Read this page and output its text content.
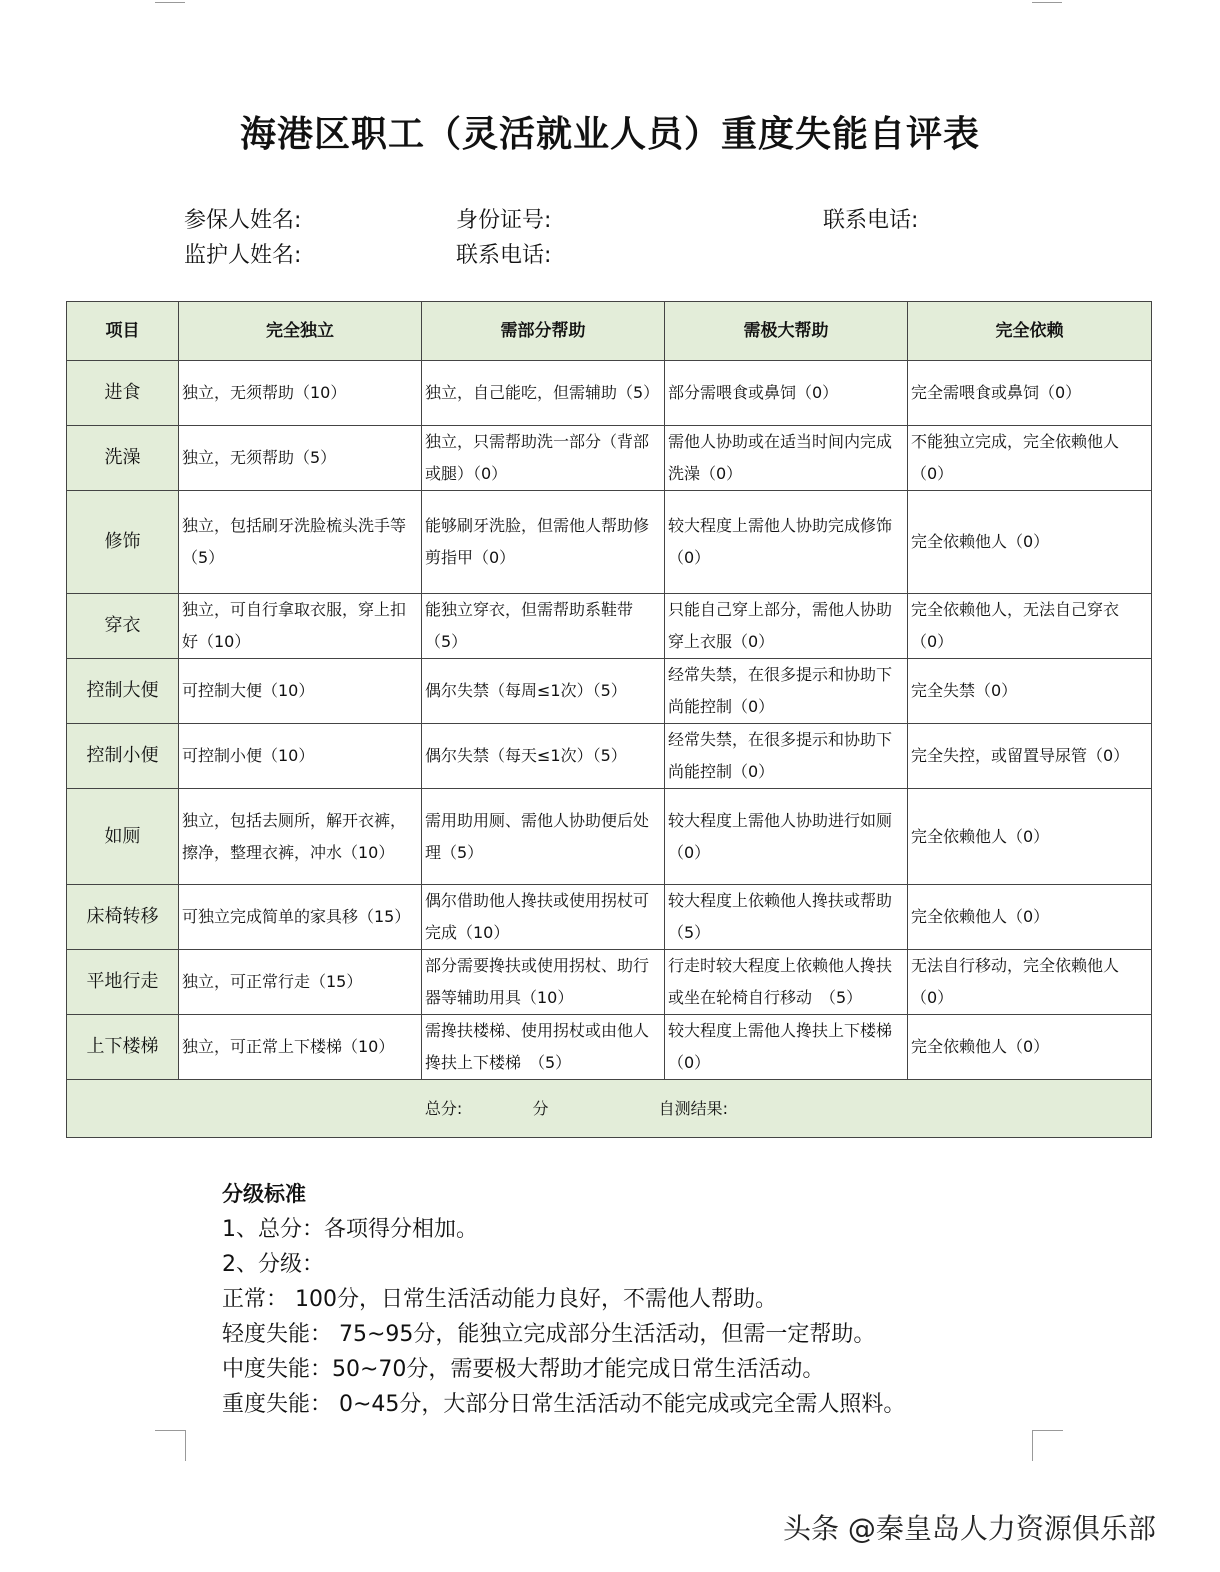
海港区职工（灵活就业人员）重度失能自评表
参保人姓名:	身份证号:	联系电话:
监护人姓名:	联系电话:
项目	完全独立	需部分帮助	需极大帮助	完全依赖
进食	独立，无须帮助（10）	独立，自己能吃，但需辅助（5）	部分需喂食或鼻饲（0）	完全需喂食或鼻饲（0）
洗澡	独立，无须帮助（5）	独立，只需帮助洗一部分（背部或腿）（0）	需他人协助或在适当时间内完成洗澡（0）	不能独立完成，完全依赖他人（0）
修饰	独立，包括刷牙洗脸梳头洗手等（5）	能够刷牙洗脸，但需他人帮助修剪指甲（0）	较大程度上需他人协助完成修饰（0）	完全依赖他人（0）
穿衣	独立，可自行拿取衣服，穿上扣好（10）	能独立穿衣，但需帮助系鞋带（5）	只能自己穿上部分，需他人协助穿上衣服（0）	完全依赖他人，无法自己穿衣（0）
控制大便	可控制大便（10）	偶尔失禁（每周≤1次）（5）	经常失禁，在很多提示和协助下尚能控制（0）	完全失禁（0）
控制小便	可控制小便（10）	偶尔失禁（每天≤1次）（5）	经常失禁，在很多提示和协助下尚能控制（0）	完全失控，或留置导尿管（0）
如厕	独立，包括去厕所，解开衣裤，擦净，整理衣裤，冲水（10）	需用助用厕、需他人协助便后处理（5）	较大程度上需他人协助进行如厕（0）	完全依赖他人（0）
床椅转移	可独立完成简单的家具移（15）	偶尔借助他人搀扶或使用拐杖可完成（10）	较大程度上依赖他人搀扶或帮助（5）	完全依赖他人（0）
平地行走	独立，可正常行走（15）	部分需要搀扶或使用拐杖、助行器等辅助用具（10）	行走时较大程度上依赖他人搀扶或坐在轮椅自行移动　（5）	无法自行移动，完全依赖他人（0）
上下楼梯	独立，可正常上下楼梯（10）	需搀扶楼梯、使用拐杖或由他人搀扶上下楼梯　（5）	较大程度上需他人搀扶上下楼梯（0）	完全依赖他人（0）
总分: 分 自测结果:				
分级标准
1、总分：各项得分相加。
2、分级：
正常： 100分，日常生活活动能力良好，不需他人帮助。
轻度失能： 75~95分，能独立完成部分生活活动，但需一定帮助。
中度失能：50~70分，需要极大帮助才能完成日常生活活动。
重度失能： 0~45分，大部分日常生活活动不能完成或完全需人照料。
头条 @秦皇岛人力资源俱乐部
